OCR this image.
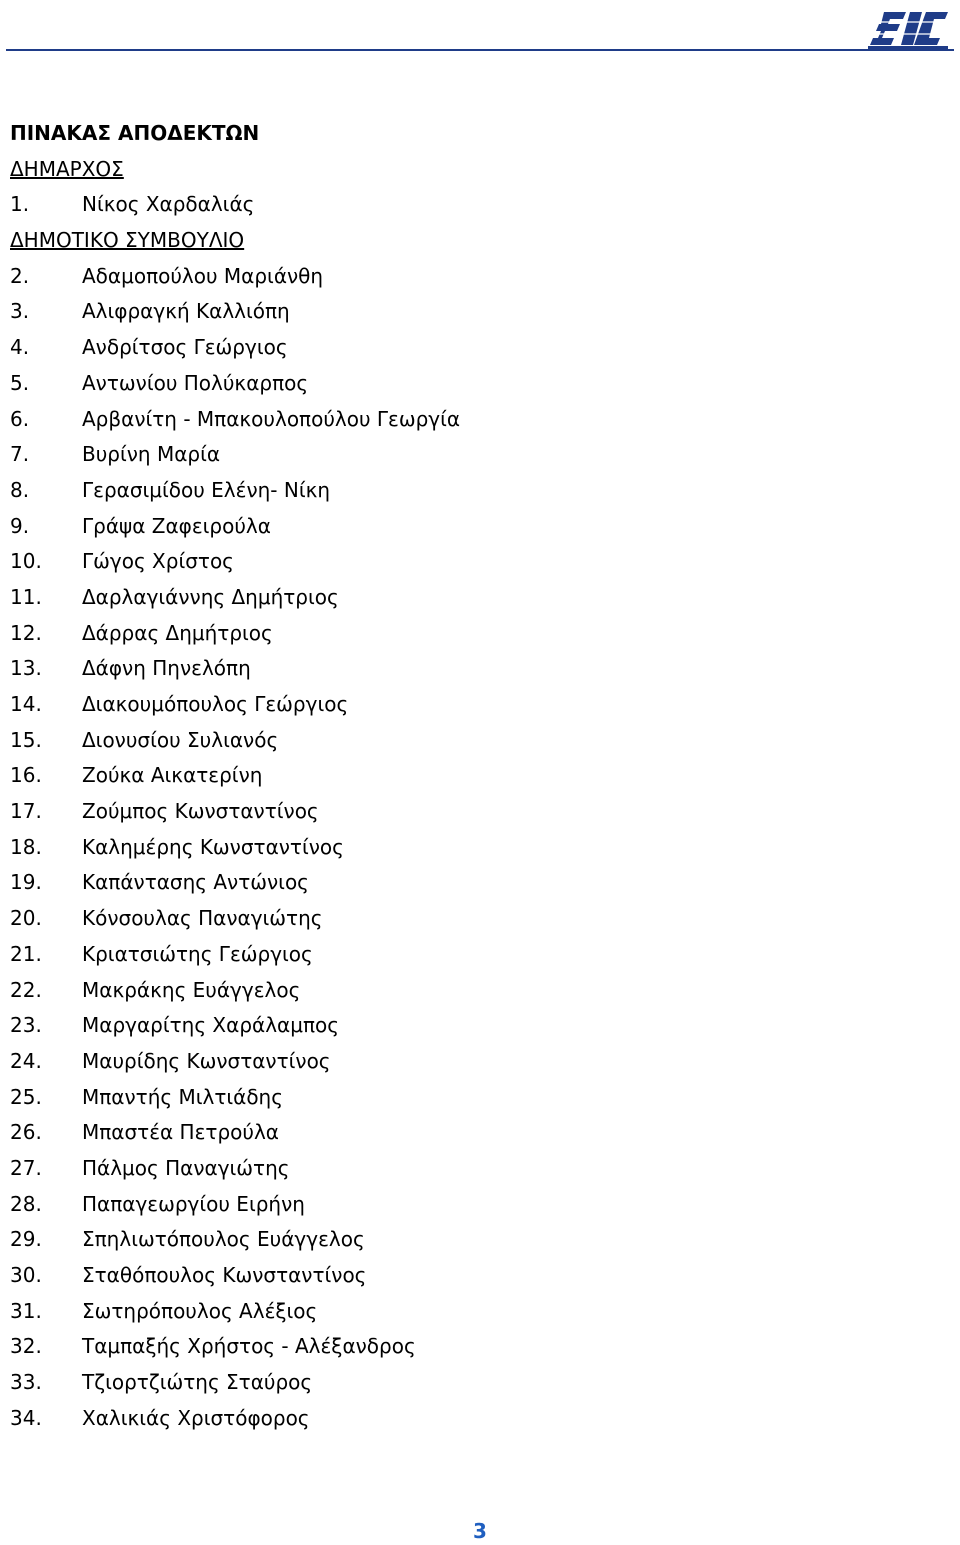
ΠΙΝΑΚΑΣ ΑΠΟΔΕΚΤΩΝ
ΔΗΜΑΡΧΟΣ
1.	Νίκος Χαρδαλιάς
ΔΗΜΟΤΙΚΟ ΣΥΜΒΟΥΛΙΟ
2.	Αδαμοπούλου Μαριάνθη
3.	Αλιφραγκή Καλλιόπη
4.	Ανδρίτσος Γεώργιος
5.	Αντωνίου Πολύκαρπος
6.	Αρβανίτη - Μπακουλοπούλου Γεωργία
7.	Βυρίνη Μαρία
8.	Γερασιμίδου Ελένη- Νίκη
9.	Γράψα Ζαφειρούλα
10. Γώγος Χρίστος
11. Δαρλαγιάννης Δημήτριος
12. Δάρρας Δημήτριος
13. Δάφνη Πηνελόπη
14. Διακουμόπουλος Γεώργιος
15. Διονυσίου Συλιανός
16. Ζούκα Αικατερίνη
17. Ζούμπος Κωνσταντίνος
18. Καλημέρης Κωνσταντίνος
19. Καπάντασης Αντώνιος
20. Κόνσουλας Παναγιώτης
21. Κριατσιώτης Γεώργιος
22. Μακράκης Ευάγγελος
23. Μαργαρίτης Χαράλαμπος
24. Μαυρίδης Κωνσταντίνος
25. Μπαντής Μιλτιάδης
26. Μπαστέα Πετρούλα
27. Πάλμος Παναγιώτης
28. Παπαγεωργίου Ειρήνη
29. Σπηλιωτόπουλος Ευάγγελος
30. Σταθόπουλος Κωνσταντίνος
31. Σωτηρόπουλος Αλέξιος
32. Ταμπαξής Χρήστος - Αλέξανδρος
33. Τζιορτζιώτης Σταύρος
34. Χαλικιάς Χριστόφορος
3
